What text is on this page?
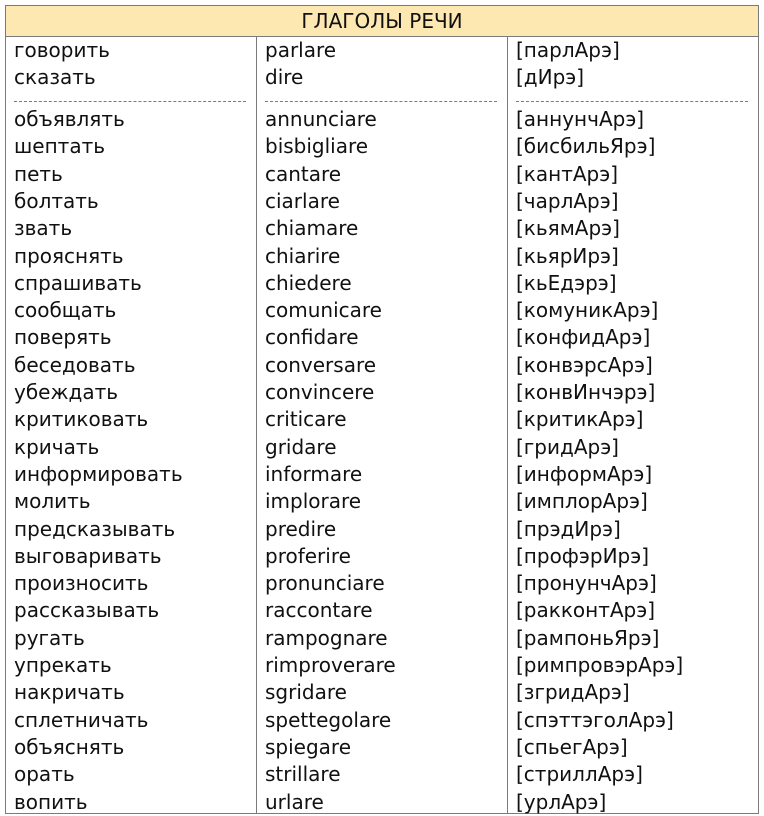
ГЛАГОЛЫ РЕЧИ
говорить
сказать
объявлять
шептать
петь
болтать
звать
прояснять
спрашивать
сообщать
поверять
беседовать
убеждать
критиковать
кричать
информировать
молить
предсказывать
выговаривать
произносить
рассказывать
ругать
упрекать
накричать
сплетничать
объяснять
орать
вопить
parlare
dire
annunciare
bisbigliare
cantare
ciarlare
chiamare
chiarire
chiedere
comunicare
confidare
conversare
convincere
criticare
gridare
informare
implorare
predire
proferire
pronunciare
raccontare
rampognare
rimproverare
sgridare
spettegolare
spiegare
strillare
urlare
[парлАрэ]
[дИрэ]
[аннунчАрэ]
[бисбильЯрэ]
[кантАрэ]
[чарлАрэ]
[кьямАрэ]
[кьярИрэ]
[кьЕдэрэ]
[комуникАрэ]
[конфидАрэ]
[конвэрсАрэ]
[конвИнчэрэ]
[критикАрэ]
[гридАрэ]
[информАрэ]
[имплорАрэ]
[прэдИрэ]
[профэрИрэ]
[пронунчАрэ]
[ракконтАрэ]
[рампоньЯрэ]
[римпровэрАрэ]
[згридАрэ]
[спэттэголАрэ]
[спьегАрэ]
[стриллАрэ]
[урлАрэ]
